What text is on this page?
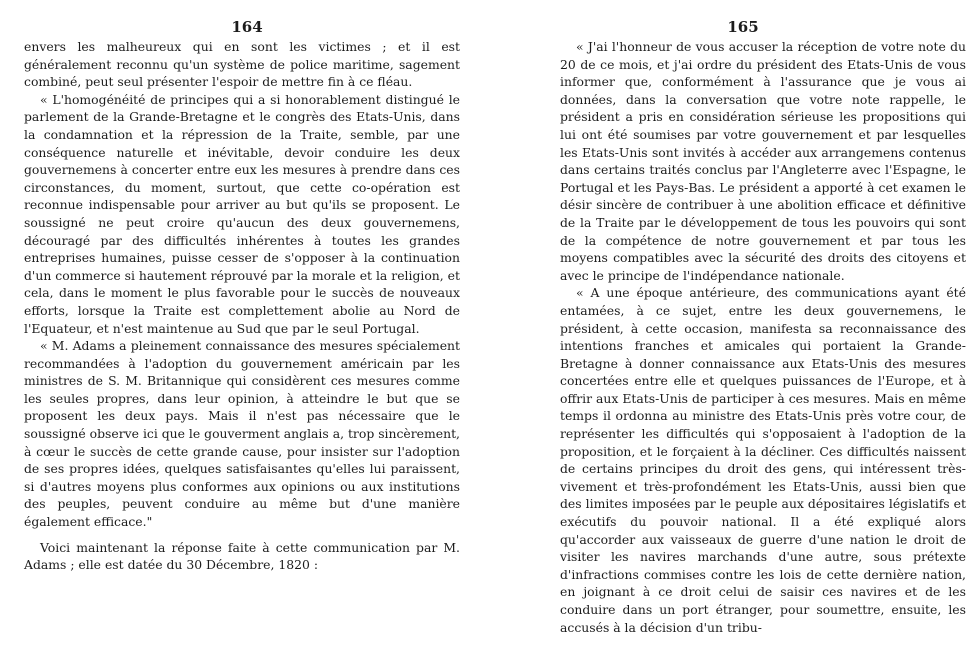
164

envers les malheureux qui en sont les victimes ; et il est généralement reconnu qu'un système de police maritime, sagement combiné, peut seul présenter l'espoir de mettre fin à ce fléau.

« L'homogénéité de principes qui a si honorablement distingué le parlement de la Grande-Bretagne et le congrès des Etats-Unis, dans la condamnation et la répression de la Traite, semble, par une conséquence naturelle et inévitable, devoir conduire les deux gouvernemens à concerter entre eux les mesures à prendre dans ces circonstances, du moment, surtout, que cette co-opération est reconnue indispensable pour arriver au but qu'ils se proposent. Le soussigné ne peut croire qu'aucun des deux gouvernemens, découragé par des difficultés inhérentes à toutes les grandes entreprises humaines, puisse cesser de s'opposer à la continuation d'un commerce si hautement réprouvé par la morale et la religion, et cela, dans le moment le plus favorable pour le succès de nouveaux efforts, lorsque la Traite est complettement abolie au Nord de l'Equateur, et n'est maintenue au Sud que par le seul Portugal.

« M. Adams a pleinement connaissance des mesures spécialement recommandées à l'adoption du gouvernement américain par les ministres de S. M. Britannique qui considèrent ces mesures comme les seules propres, dans leur opinion, à atteindre le but que se proposent les deux pays. Mais il n'est pas nécessaire que le soussigné observe ici que le gouverment anglais a, trop sincèrement, à cœur le succès de cette grande cause, pour insister sur l'adoption de ses propres idées, quelques satisfaisantes qu'elles lui paraissent, si d'autres moyens plus conformes aux opinions ou aux institutions des peuples, peuvent conduire au même but d'une manière également efficace."

Voici maintenant la réponse faite à cette communication par M. Adams ; elle est datée du 30 Décembre, 1820 :

165

« J'ai l'honneur de vous accuser la réception de votre note du 20 de ce mois, et j'ai ordre du président des Etats-Unis de vous informer que, conformément à l'assurance que je vous ai données, dans la conversation que votre note rappelle, le président a pris en considération sérieuse les propositions qui lui ont été soumises par votre gouvernement et par lesquelles les Etats-Unis sont invités à accéder aux arrangemens contenus dans certains traités conclus par l'Angleterre avec l'Espagne, le Portugal et les Pays-Bas. Le président a apporté à cet examen le désir sincère de contribuer à une abolition efficace et définitive de la Traite par le développement de tous les pouvoirs qui sont de la compétence de notre gouvernement et par tous les moyens compatibles avec la sécurité des droits des citoyens et avec le principe de l'indépendance nationale.

« A une époque antérieure, des communications ayant été entamées, à ce sujet, entre les deux gouvernemens, le président, à cette occasion, manifesta sa reconnaissance des intentions franches et amicales qui portaient la Grande-Bretagne à donner connaissance aux Etats-Unis des mesures concertées entre elle et quelques puissances de l'Europe, et à offrir aux Etats-Unis de participer à ces mesures. Mais en même temps il ordonna au ministre des Etats-Unis près votre cour, de représenter les difficultés qui s'opposaient à l'adoption de la proposition, et le forçaient à la décliner. Ces difficultés naissent de certains principes du droit des gens, qui intéressent très-vivement et très-profondément les Etats-Unis, aussi bien que des limites imposées par le peuple aux dépositaires législatifs et exécutifs du pouvoir national. Il a été expliqué alors qu'accorder aux vaisseaux de guerre d'une nation le droit de visiter les navires marchands d'une autre, sous prétexte d'infractions commises contre les lois de cette dernière nation, en joignant à ce droit celui de saisir ces navires et de les conduire dans un port étranger, pour soumettre, ensuite, les accusés à la décision d'un tribu-
